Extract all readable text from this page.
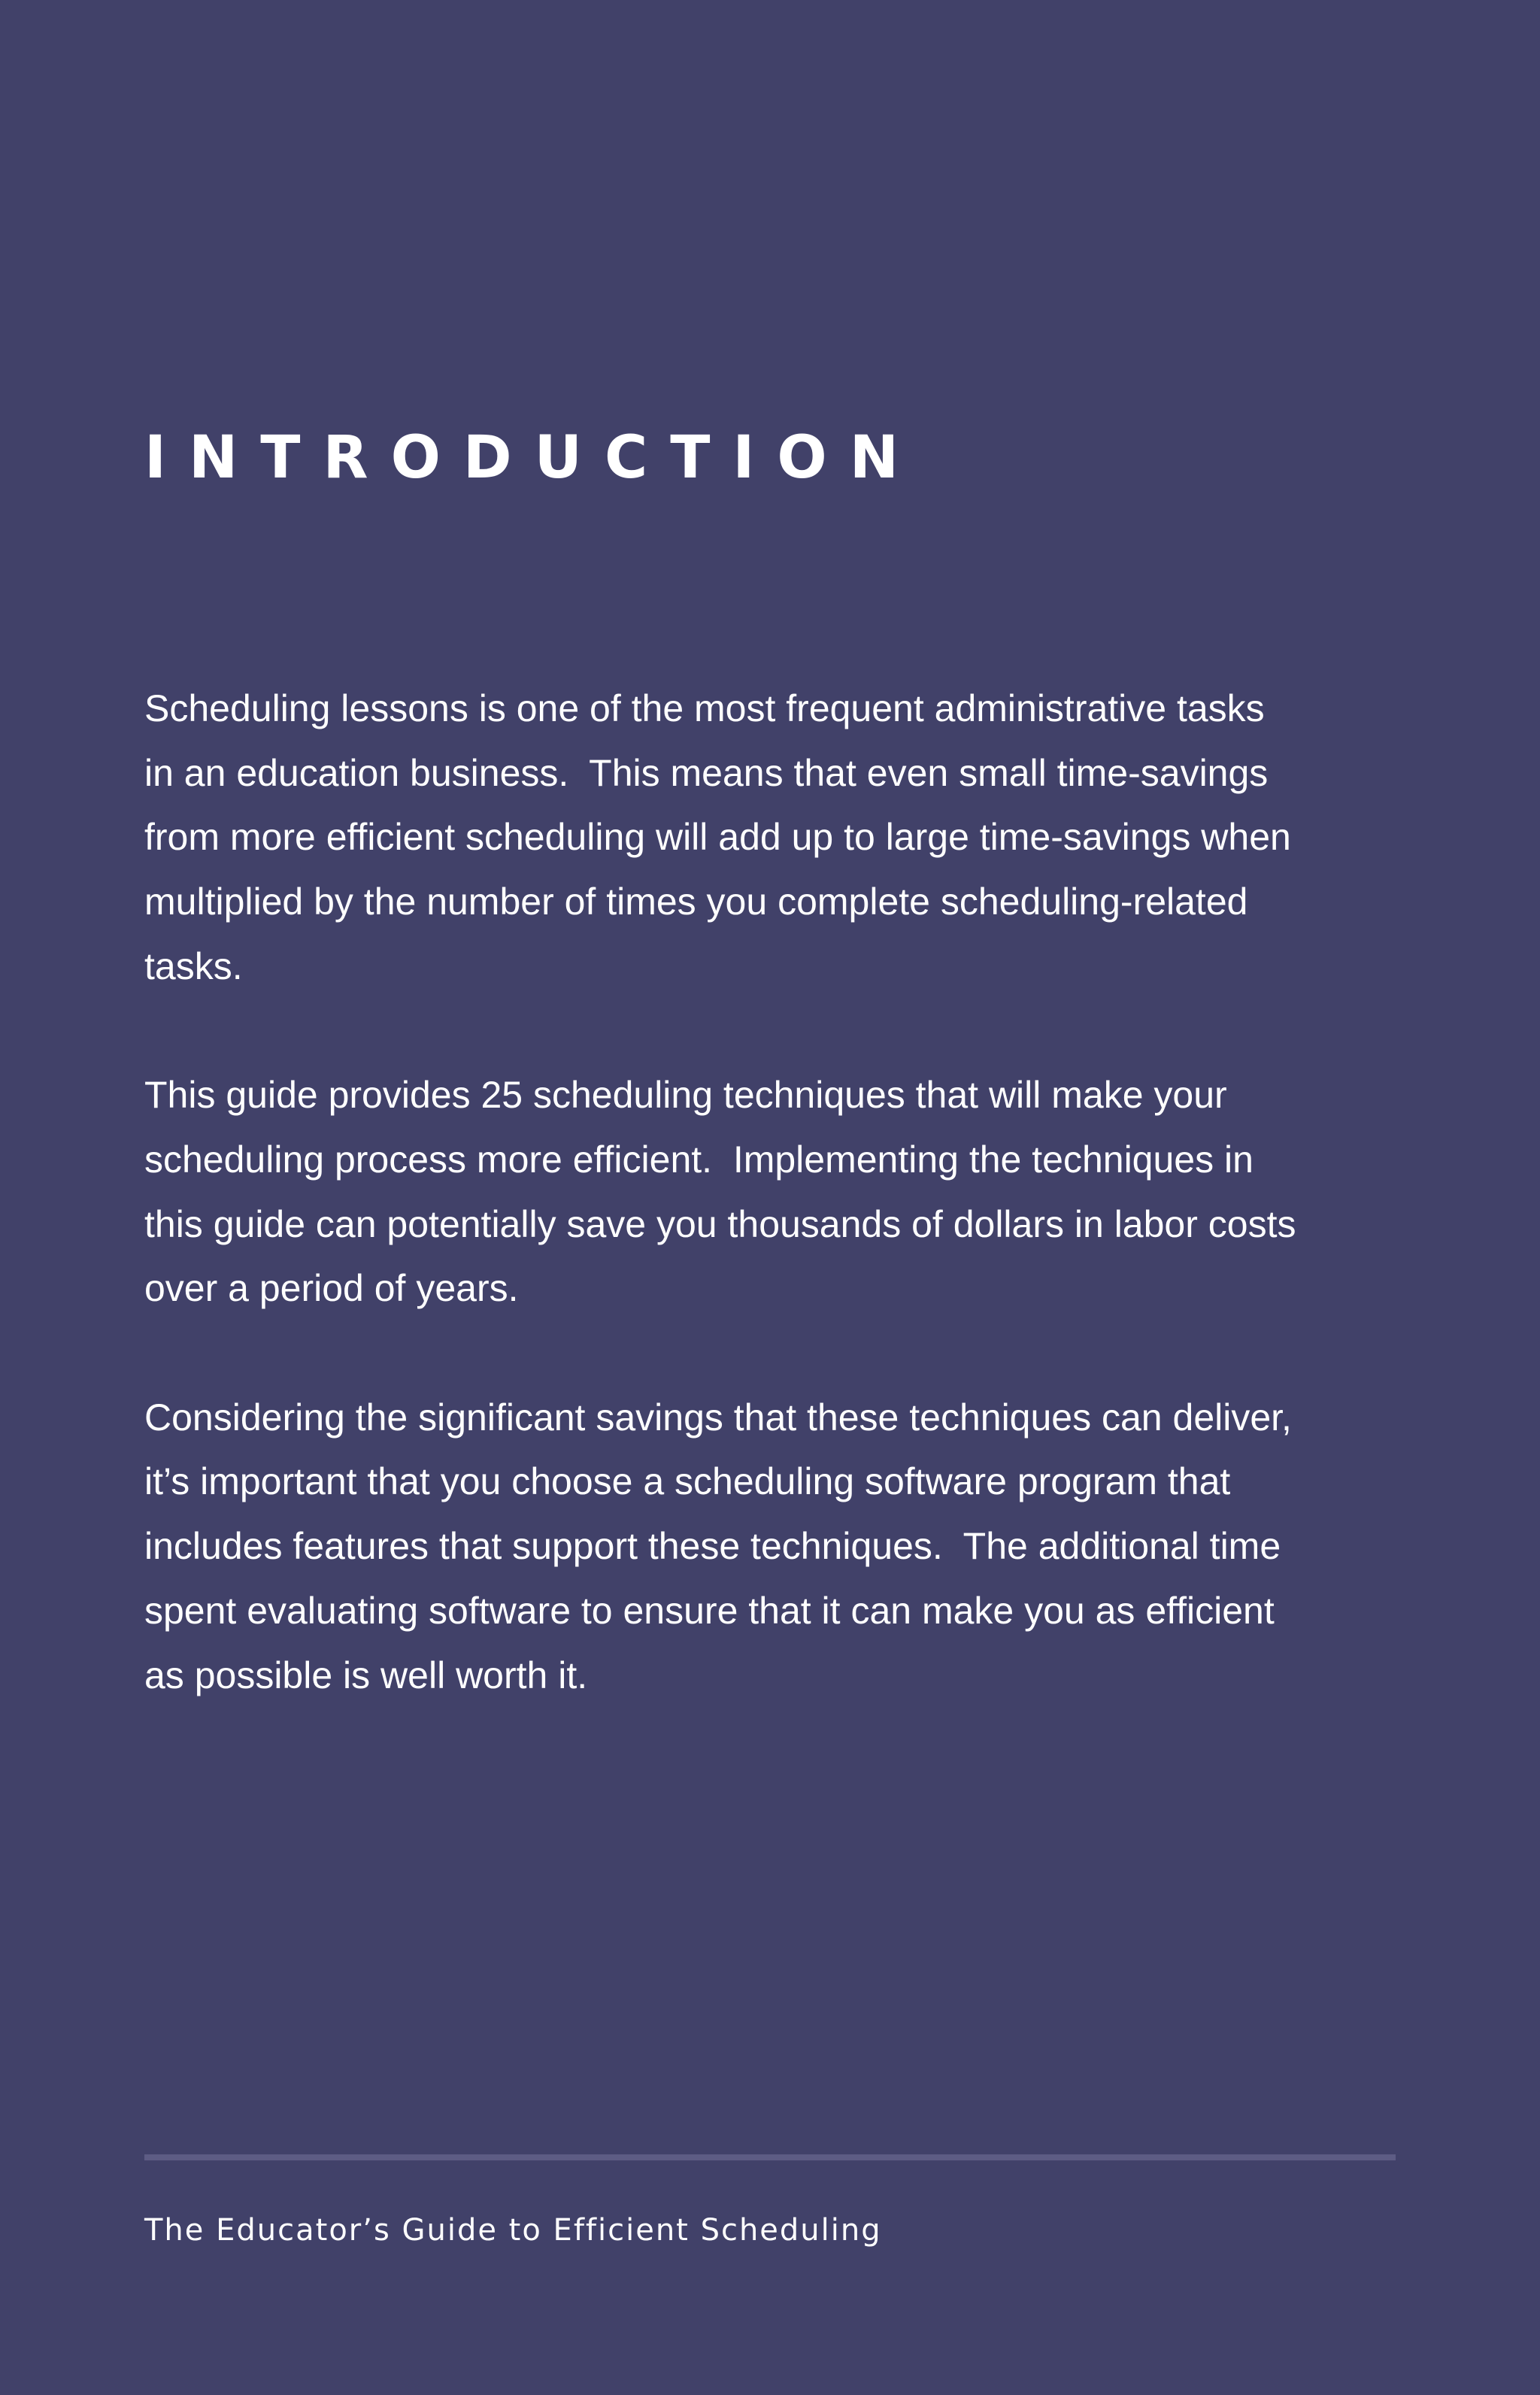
INTRODUCTION

Scheduling lessons is one of the most frequent administrative tasks
in an education business.  This means that even small time-savings
from more efficient scheduling will add up to large time-savings when
multiplied by the number of times you complete scheduling-related
tasks.

This guide provides 25 scheduling techniques that will make your
scheduling process more efficient.  Implementing the techniques in
this guide can potentially save you thousands of dollars in labor costs
over a period of years.

Considering the significant savings that these techniques can deliver,
it’s important that you choose a scheduling software program that
includes features that support these techniques.  The additional time
spent evaluating software to ensure that it can make you as efficient
as possible is well worth it.

The Educator’s Guide to Efficient Scheduling
